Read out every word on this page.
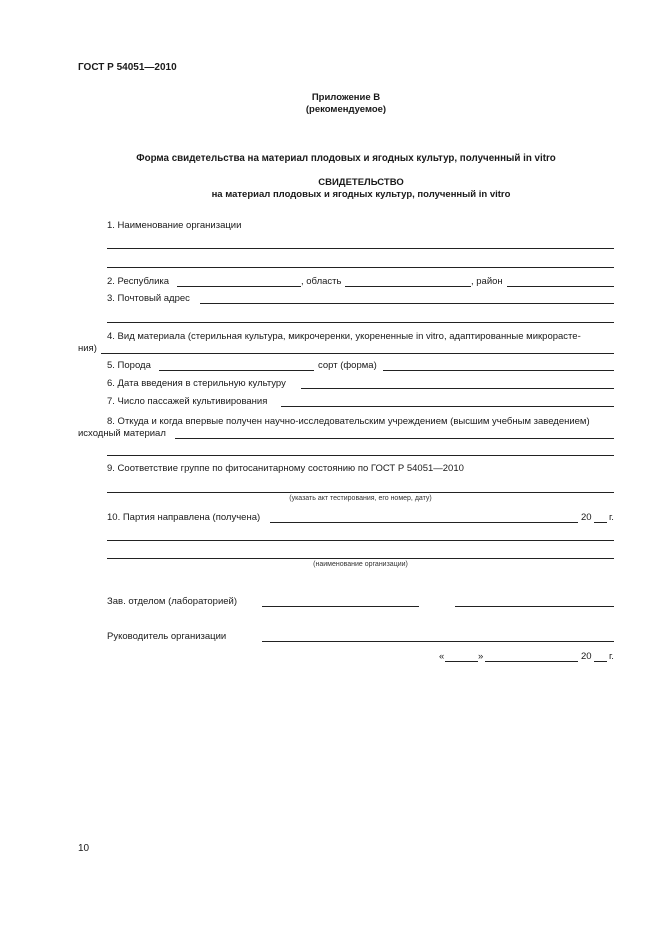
ГОСТ Р 54051—2010
Приложение В
(рекомендуемое)
Форма свидетельства на материал плодовых и ягодных культур, полученный in vitro
СВИДЕТЕЛЬСТВО
на материал плодовых и ягодных культур, полученный in vitro
1. Наименование организации
2. Республика	, область	, район
3. Почтовый адрес
4. Вид материала (стерильная культура, микрочеренки, укорененные in vitro, адаптированные микрорасте-
ния)
5. Порода	сорт (форма)
6. Дата введения в стерильную культуру
7. Число пассажей культивирования
8. Откуда и когда впервые получен научно-исследовательским учреждением (высшим учебным заведением)
исходный материал
9. Соответствие группе по фитосанитарному состоянию по ГОСТ Р 54051—2010
(указать акт тестирования, его номер, дату)
10. Партия направлена (получена)	20 г.
(наименование организации)
Зав. отделом (лабораторией)
Руководитель организации
«	»	20 г.
10
